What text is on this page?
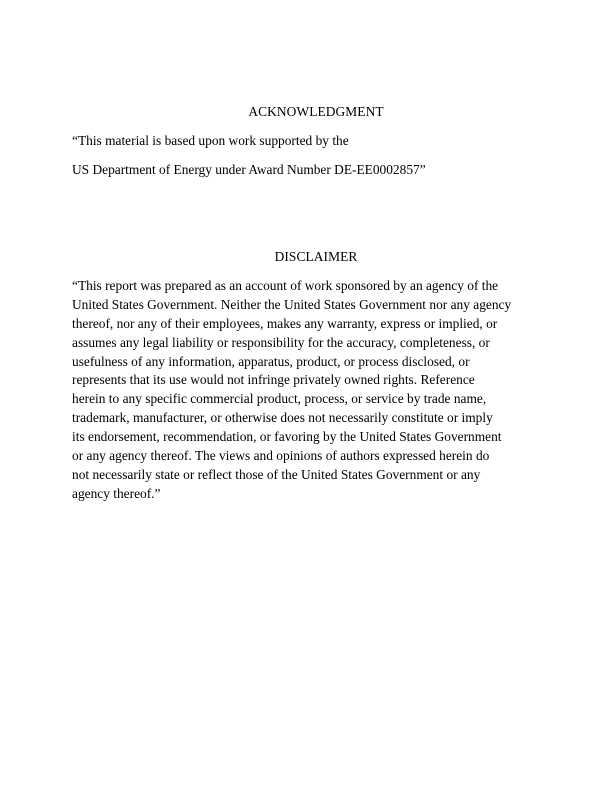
ACKNOWLEDGMENT
“This material is based upon work supported by the
US Department of Energy under Award Number DE-EE0002857”
DISCLAIMER
“This report was prepared as an account of work sponsored by an agency of the
United States Government. Neither the United States Government nor any agency
thereof, nor any of their employees, makes any warranty, express or implied, or
assumes any legal liability or responsibility for the accuracy, completeness, or
usefulness of any information, apparatus, product, or process disclosed, or
represents that its use would not infringe privately owned rights. Reference
herein to any specific commercial product, process, or service by trade name,
trademark, manufacturer, or otherwise does not necessarily constitute or imply
its endorsement, recommendation, or favoring by the United States Government
or any agency thereof. The views and opinions of authors expressed herein do
not necessarily state or reflect those of the United States Government or any
agency thereof.”
